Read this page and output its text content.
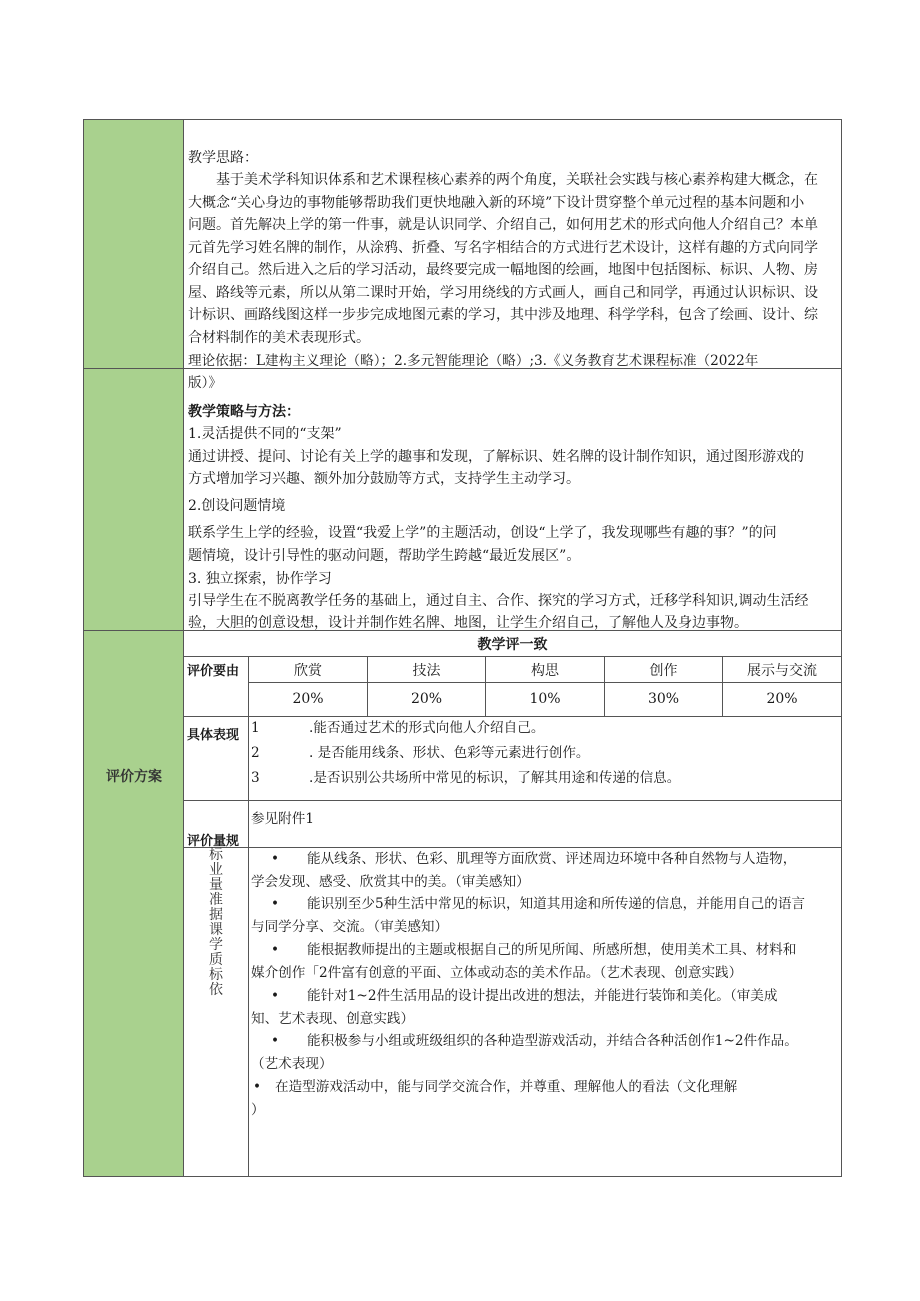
教学思路：
基于美术学科知识体系和艺术课程核心素养的两个角度，关联社会实践与核心素养构建大概念，在
大概念“关心身边的事物能够帮助我们更快地融入新的环境”下设计贯穿整个单元过程的基本问题和小
问题。首先解决上学的第一件事，就是认识同学、介绍自己，如何用艺术的形式向他人介绍自己？本单
元首先学习姓名牌的制作，从涂鸦、折叠、写名字相结合的方式进行艺术设计，这样有趣的方式向同学
介绍自己。然后进入之后的学习活动，最终要完成一幅地图的绘画，地图中包括图标、标识、人物、房
屋、路线等元素，所以从第二课时开始，学习用绕线的方式画人，画自己和同学，再通过认识标识、设
计标识、画路线图这样一步步完成地图元素的学习，其中涉及地理、科学学科，包含了绘画、设计、综
合材料制作的美术表现形式。
理论依据：L建构主义理论（略）；2.多元智能理论（略）;3.《义务教育艺术课程标准（2022年
版）》
教学策略与方法：
1.灵活提供不同的“支架”
通过讲授、提问、讨论有关上学的趣事和发现，了解标识、姓名牌的设计制作知识，通过图形游戏的
方式增加学习兴趣、额外加分鼓励等方式，支持学生主动学习。
2.创设问题情境
联系学生上学的经验，设置“我爱上学”的主题活动，创设“上学了，我发现哪些有趣的事？”的问
题情境，设计引导性的驱动问题，帮助学生跨越“最近发展区”。
3. 独立探索，协作学习
引导学生在不脱离教学任务的基础上，通过自主、合作、探究的学习方式，迁移学科知识,调动生活经
验，大胆的创意设想，设计并制作姓名牌、地图，让学生介绍自己，了解他人及身边事物。
评价方案
教学评一致
评价要由	欣赏	技法	构思	创作	展示与交流
20%	20%	10%	30%	20%
具体表现 1	.能否通过艺术的形式向他人介绍自己。
2	. 是否能用线条、形状、色彩等元素进行创作。
3	.是否识别公共场所中常见的标识，了解其用途和传递的信息。
评价量规
参见附件1
标
业
量
准
据
课
学
质
标
依
• 能从线条、形状、色彩、肌理等方面欣赏、评述周边环境中各种自然物与人造物，
学会发现、感受、欣赏其中的美。（审美感知）
• 能识别至少5种生活中常见的标识，知道其用途和所传递的信息，并能用自己的语言
与同学分享、交流。（审美感知）
• 能根据教师提出的主题或根据自己的所见所闻、所感所想，使用美术工具、材料和
媒介创作「2件富有创意的平面、立体或动态的美术作品。（艺术表现、创意实践）
• 能针对1~2件生活用品的设计提出改进的想法，并能进行装饰和美化。（审美成
知、艺术表现、创意实践）
• 能积极参与小组或班级组织的各种造型游戏活动，并结合各种活创作1~2件作品。
（艺术表现）
• 在造型游戏活动中，能与同学交流合作，并尊重、理解他人的看法（文化理解
）
